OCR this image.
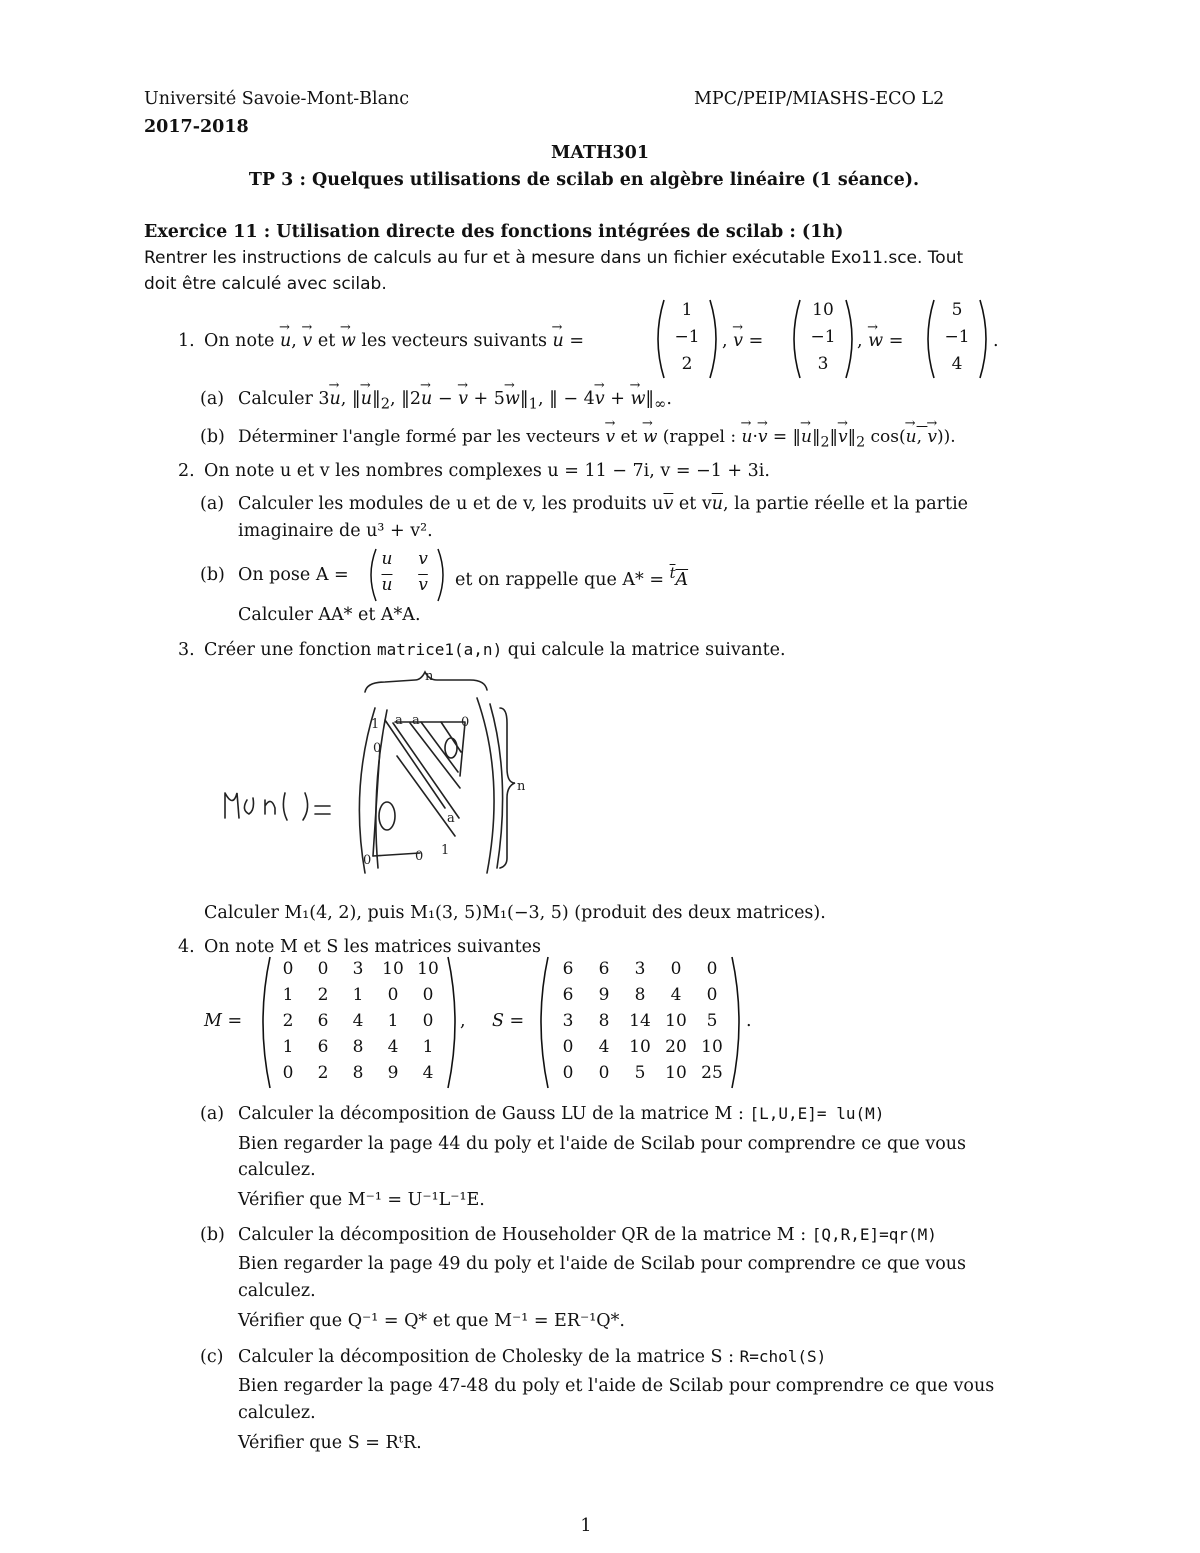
Université Savoie-Mont-Blanc	MPC/PEIP/MIASHS-ECO L2
2017-2018
MATH301
TP 3 : Quelques utilisations de scilab en algèbre linéaire (1 séance).
Exercice 11 : Utilisation directe des fonctions intégrées de scilab : (1h)
Rentrer les instructions de calculs au fur et à mesure dans un fichier exécutable Exo11.sce. Tout
doit être calculé avec scilab.
1. On note u
→
, v
→
et w
→
les vecteurs suivants u
→
=
1
−1
2
, v
→
=
10
−1
3
, w
→
=
5
−1
4
.
(a) Calculer 3u
→
, ‖u
→
$‖_2$, ‖2u
→
− v
→
+ 5w
→
$‖_1$, ‖ − 4v
→
+ w
→
$‖_\infty$.
(b) Déterminer l'angle formé par les vecteurs v
→
et w
→
(rappel : u
→
·v
→
= ‖u
→
$‖_2‖v$
→
$‖_2$ cos(u
→
, v
→
)).
2. On note u et v les nombres complexes u = 11 − 7i, v = −1 + 3i.
(a) Calculer les modules de u et de v, les produits $u\overline{v}$ et $v\overline{u}$, la partie réelle et la partie
imaginaire de u³ + v².
(b) On pose A =
u	v
$\overline{u}$	$\overline{v}$	et on rappelle que A* = $^t$A
Calculer AA* et A*A.
3. Créer une fonction matrice1(a,n) qui calcule la matrice suivante.
1 a a	0
0
a
1
0	0
n
n
Calculer M₁(4, 2), puis M₁(3, 5)M₁(−3, 5) (produit des deux matrices).
4. On note M et S les matrices suivantes
M =
0	0	3	10 10
1	2	1	0	0
2	6	4	1	0
1	6	8	4	1
0	2	8	9	4
, S =
6	6	3	0	0
6	9	8	4	0
3	8	14 10	5
0	4	10 20 10
0	0	5	10 25
.
(a) Calculer la décomposition de Gauss LU de la matrice M : [L,U,E]= lu(M)
Bien regarder la page 44 du poly et l'aide de Scilab pour comprendre ce que vous
calculez.
Vérifier que M⁻¹ = U⁻¹L⁻¹E.
(b) Calculer la décomposition de Householder QR de la matrice M : [Q,R,E]=qr(M)
Bien regarder la page 49 du poly et l'aide de Scilab pour comprendre ce que vous
calculez.
Vérifier que Q⁻¹ = Q* et que M⁻¹ = ER⁻¹Q*.
(c) Calculer la décomposition de Cholesky de la matrice S : R=chol(S)
Bien regarder la page 47-48 du poly et l'aide de Scilab pour comprendre ce que vous
calculez.
Vérifier que S = RᵗR.
1
